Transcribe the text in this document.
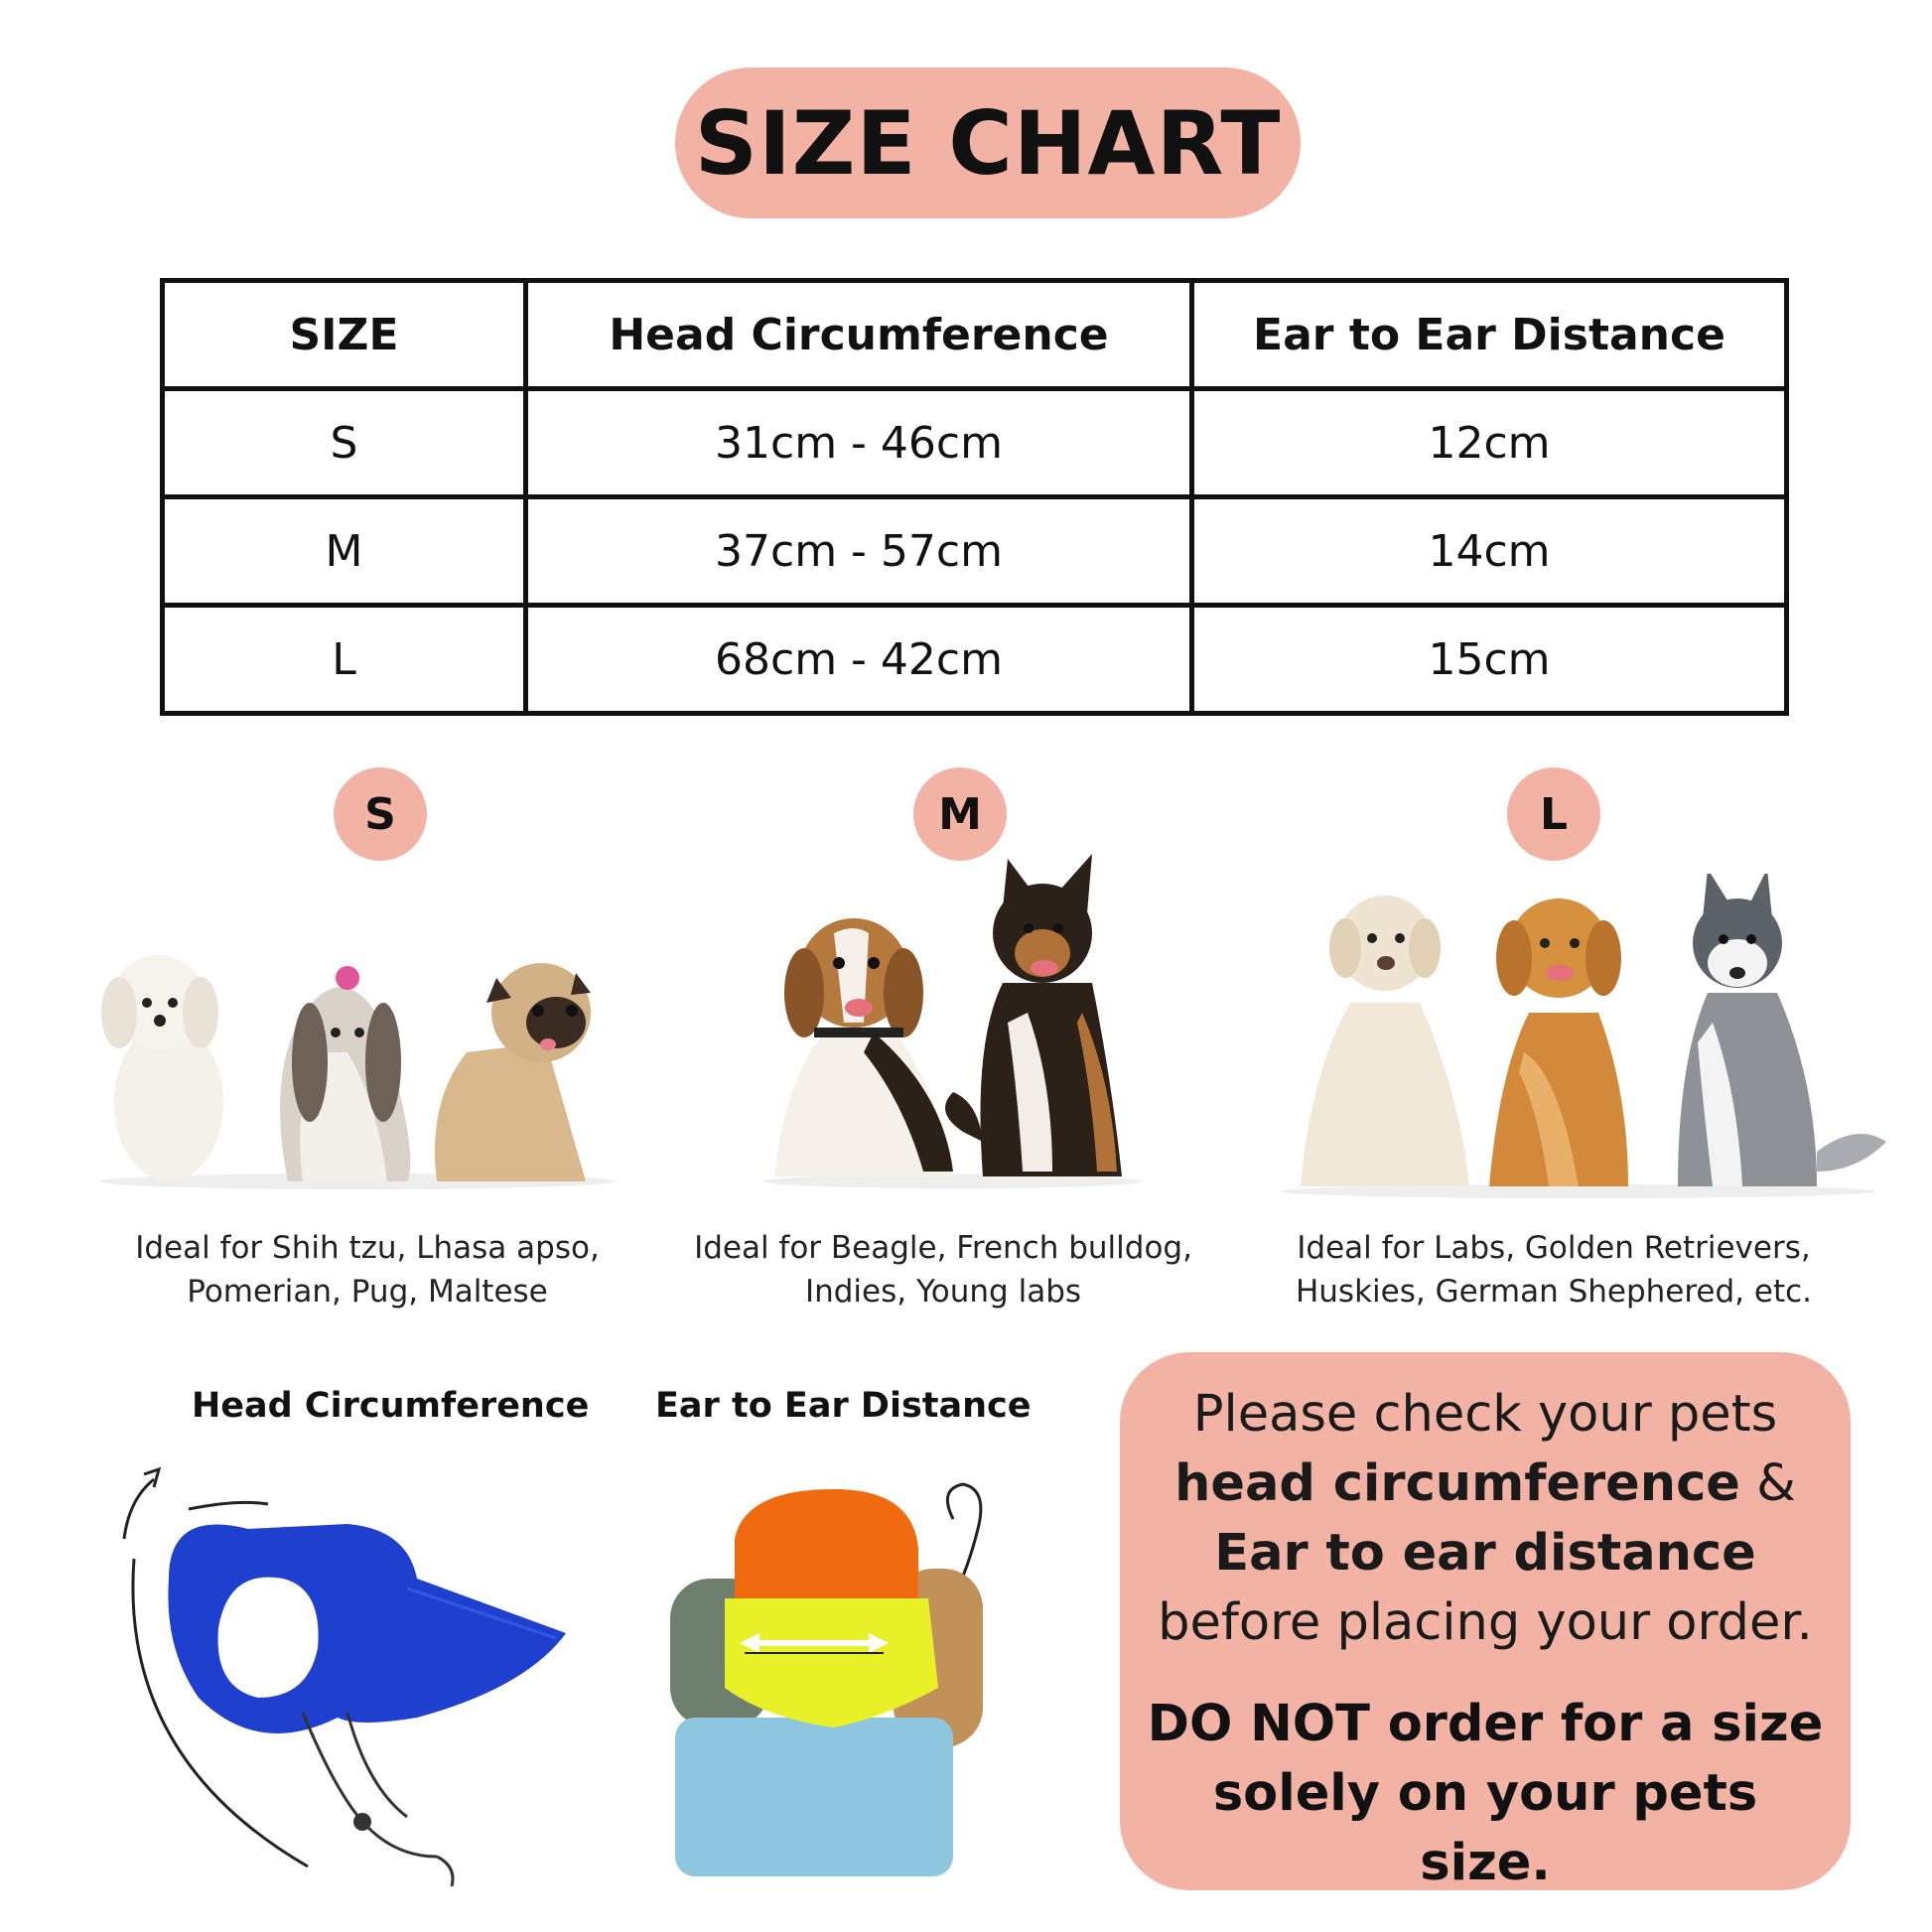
SIZE CHART
SIZE	Head Circumference	Ear to Ear Distance
S	31cm - 46cm	12cm
M	37cm - 57cm	14cm
L	68cm - 42cm	15cm
S	M	L
Ideal for Shih tzu, Lhasa apso,
Pomerian, Pug, Maltese
Ideal for Beagle, French bulldog,
Indies, Young labs
Ideal for Labs, Golden Retrievers,
Huskies, German Shephered, etc.
Head Circumference Ear to Ear Distance	Please check your pets head circumference & Ear to ear distance before placing your order.
DO NOT order for a size solely on your pets size.
